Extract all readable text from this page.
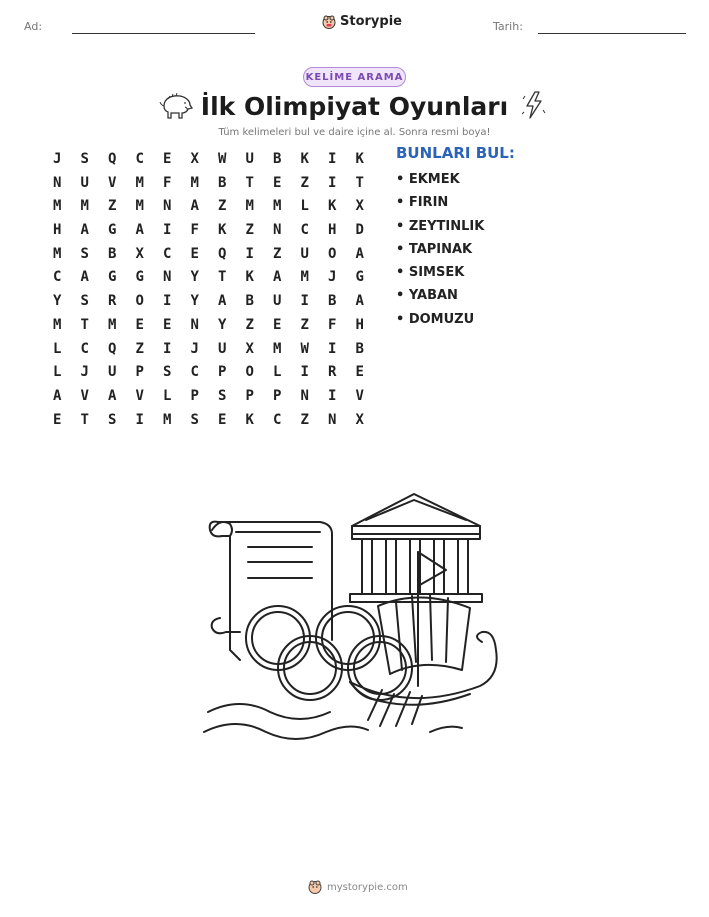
Ad:	Storypie	Tarih:
KELİME ARAMA
İlk Olimpiyat Oyunları
Tüm kelimeleri bul ve daire içine al. Sonra resmi boya!
J	S	Q	C	E	X	W	U	B	K	I	K
N	U	V	M	F	M	B	T	E	Z	I	T
M	M	Z	M	N	A	Z	M	M	L	K	X
H	A	G	A	I	F	K	Z	N	C	H	D
M	S	B	X	C	E	Q	I	Z	U	O	A
C	A	G	G	N	Y	T	K	A	M	J	G
Y	S	R	O	I	Y	A	B	U	I	B	A
M	T	M	E	E	N	Y	Z	E	Z	F	H
L	C	Q	Z	I	J	U	X	M	W	I	B
L	J	U	P	S	C	P	O	L	I	R	E
A	V	A	V	L	P	S	P	P	N	I	V
E	T	S	I	M	S	E	K	C	Z	N	X
BUNLARI BUL:
• EKMEK
• FIRIN
• ZEYTINLIK
• TAPINAK
• SIMSEK
• YABAN
• DOMUZU
mystorypie.com
